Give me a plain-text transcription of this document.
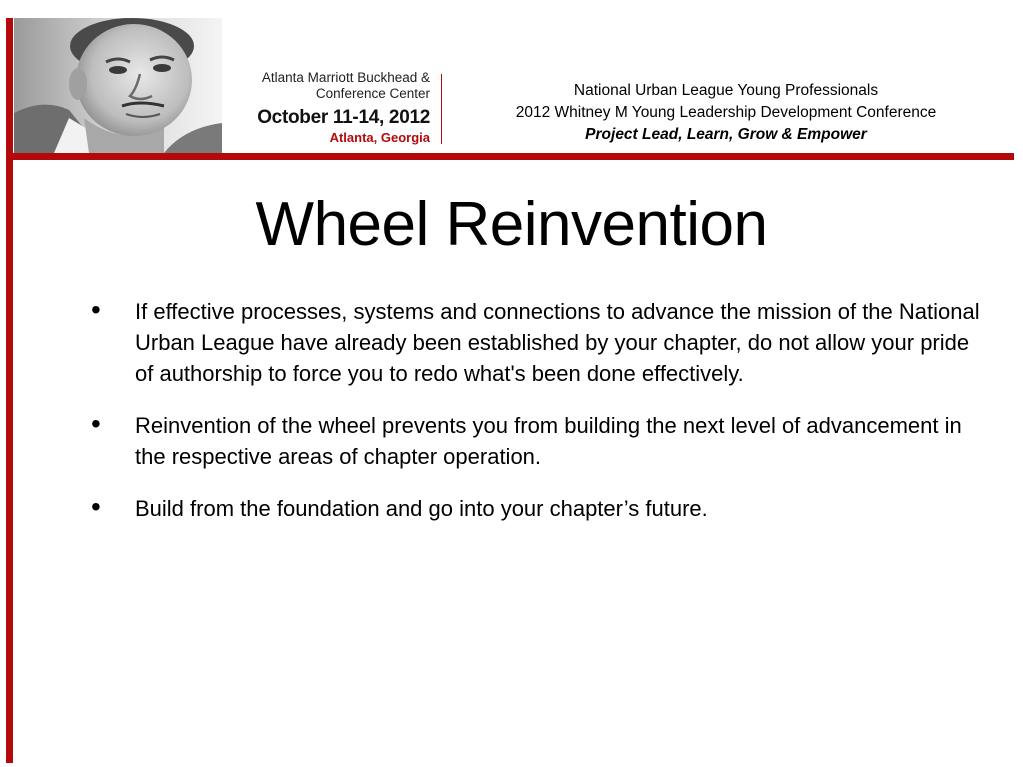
Atlanta Marriott Buckhead &
Conference Center
October 11-14, 2012
Atlanta, Georgia
National Urban League Young Professionals
2012 Whitney M Young Leadership Development Conference
Project Lead, Learn, Grow & Empower
Wheel Reinvention
• If effective processes, systems and connections to advance the mission of the National Urban League have already been established by your chapter, do not allow your pride of authorship to force you to redo what's been done effectively.
• Reinvention of the wheel prevents you from building the next level of advancement in the respective areas of chapter operation.
• Build from the foundation and go into your chapter’s future.
